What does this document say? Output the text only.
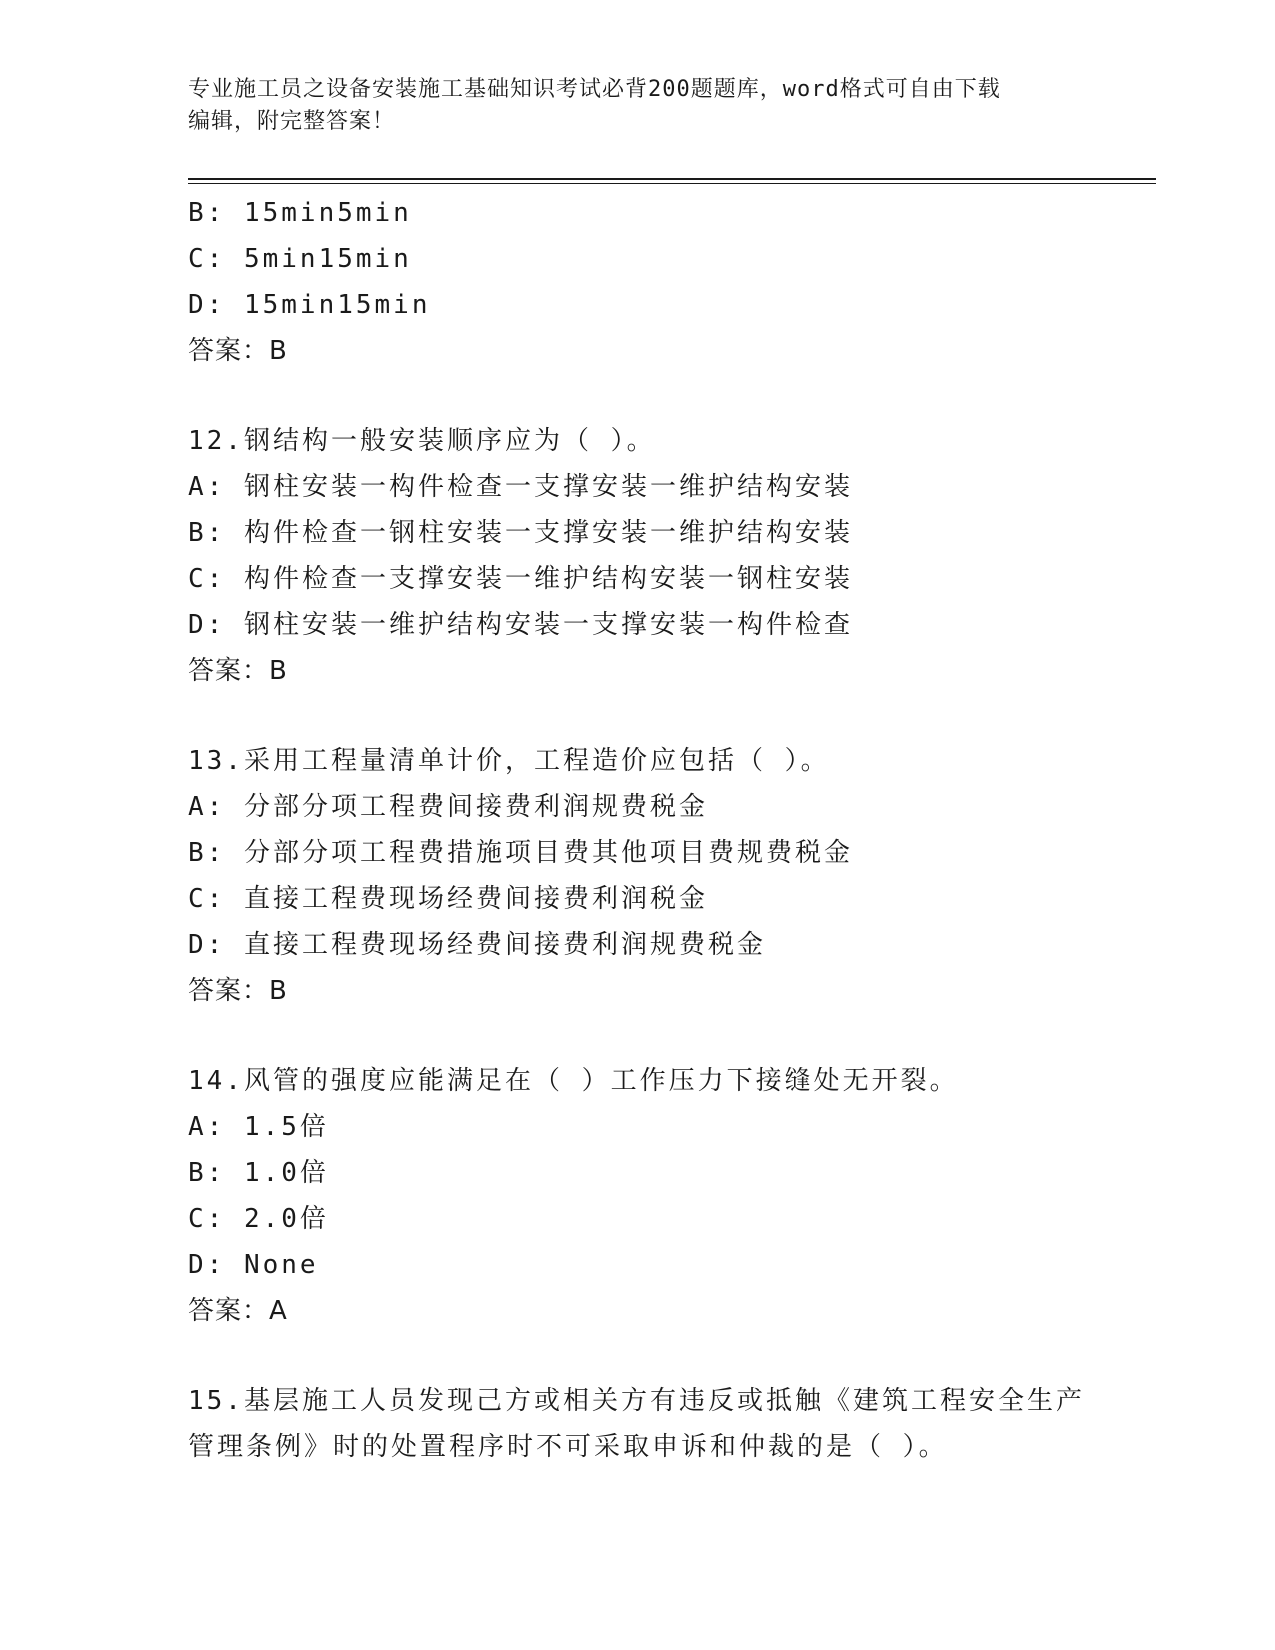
专业施工员之设备安装施工基础知识考试必背200题题库，word格式可自由下载
编辑，附完整答案！
B: 15min5min
C: 5min15min
D: 15min15min
答案：B
12.钢结构一般安装顺序应为（ ）。
A: 钢柱安装一构件检查一支撑安装一维护结构安装
B: 构件检查一钢柱安装一支撑安装一维护结构安装
C: 构件检查一支撑安装一维护结构安装一钢柱安装
D: 钢柱安装一维护结构安装一支撑安装一构件检查
答案：B
13.采用工程量清单计价，工程造价应包括（ ）。
A: 分部分项工程费间接费利润规费税金
B: 分部分项工程费措施项目费其他项目费规费税金
C: 直接工程费现场经费间接费利润税金
D: 直接工程费现场经费间接费利润规费税金
答案：B
14.风管的强度应能满足在（ ）工作压力下接缝处无开裂。
A: 1.5倍
B: 1.0倍
C: 2.0倍
D: None
答案：A
15.基层施工人员发现己方或相关方有违反或抵触《建筑工程安全生产
管理条例》时的处置程序时不可采取申诉和仲裁的是（ ）。
